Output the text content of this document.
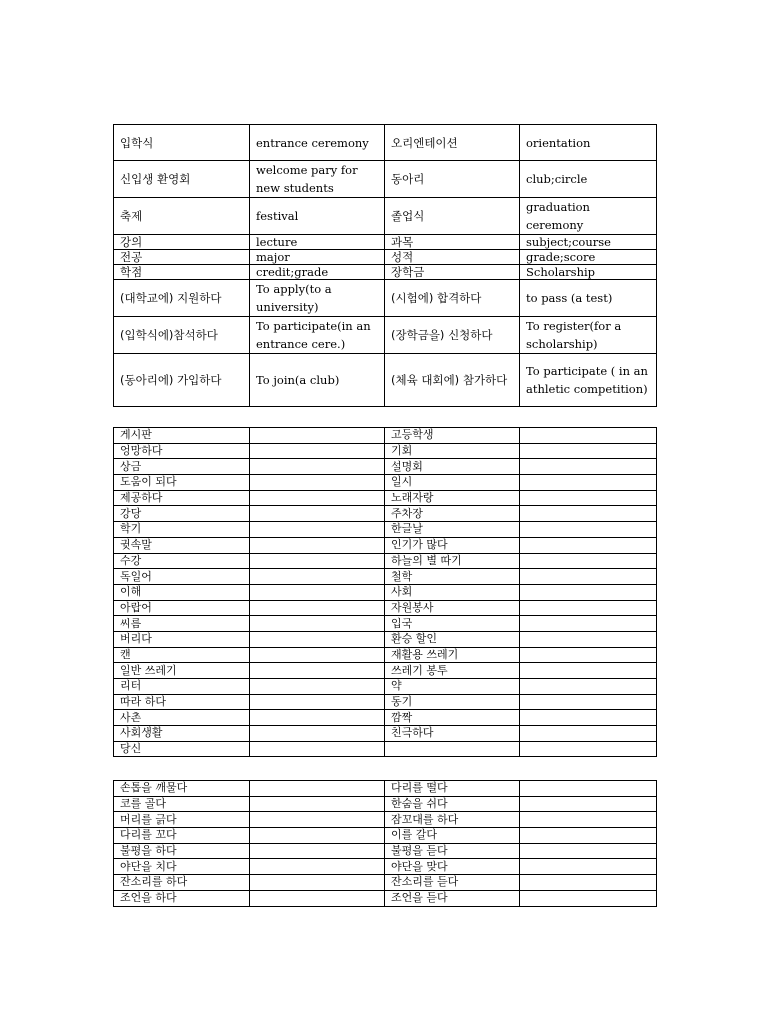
입학식	entrance ceremony	오리엔테이션	orientation
신입생 환영회	welcome pary for new students	동아리	club;circle
축제	festival	졸업식	graduation ceremony
강의	lecture	과목	subject;course
전공	major	성적	grade;score
학점	credit;grade	장학금	Scholarship
(대학교에) 지원하다	To apply(to a university)	(시험에) 합격하다	to pass (a test)
(입학식에)참석하다	To participate(in an entrance cere.)	(장학금을) 신청하다	To register(for a scholarship)
(동아리에) 가입하다	To join(a club)	(체육 대회에) 참가하다	To participate ( in an athletic competition)
게시판		고등학생	
엉망하다		기회	
상금		설명회	
도움이 되다		일시	
제공하다		노래자랑	
강당		주차장	
학기		한글날	
귓속말		인기가 많다	
수강		하늘의 별 따기	
독일어		철학	
이해		사회	
아랍어		자원봉사	
씨름		입국	
버리다		환승 할인	
캔		재활용 쓰레기	
일반 쓰레기		쓰레기 봉투	
리터		약	
따라 하다		동기	
사촌		깜짝	
사회생활		친극하다	
당신			
손톱을 깨물다		다리를 떨다	
코를 골다		한숨을 쉬다	
머리를 긁다		잠꼬대를 하다	
다리를 꼬다		이를 갈다	
불평을 하다		불평을 듣다	
야단을 치다		야단을 맞다	
잔소리를 하다		잔소리를 듣다	
조언을 하다		조언을 듣다	
